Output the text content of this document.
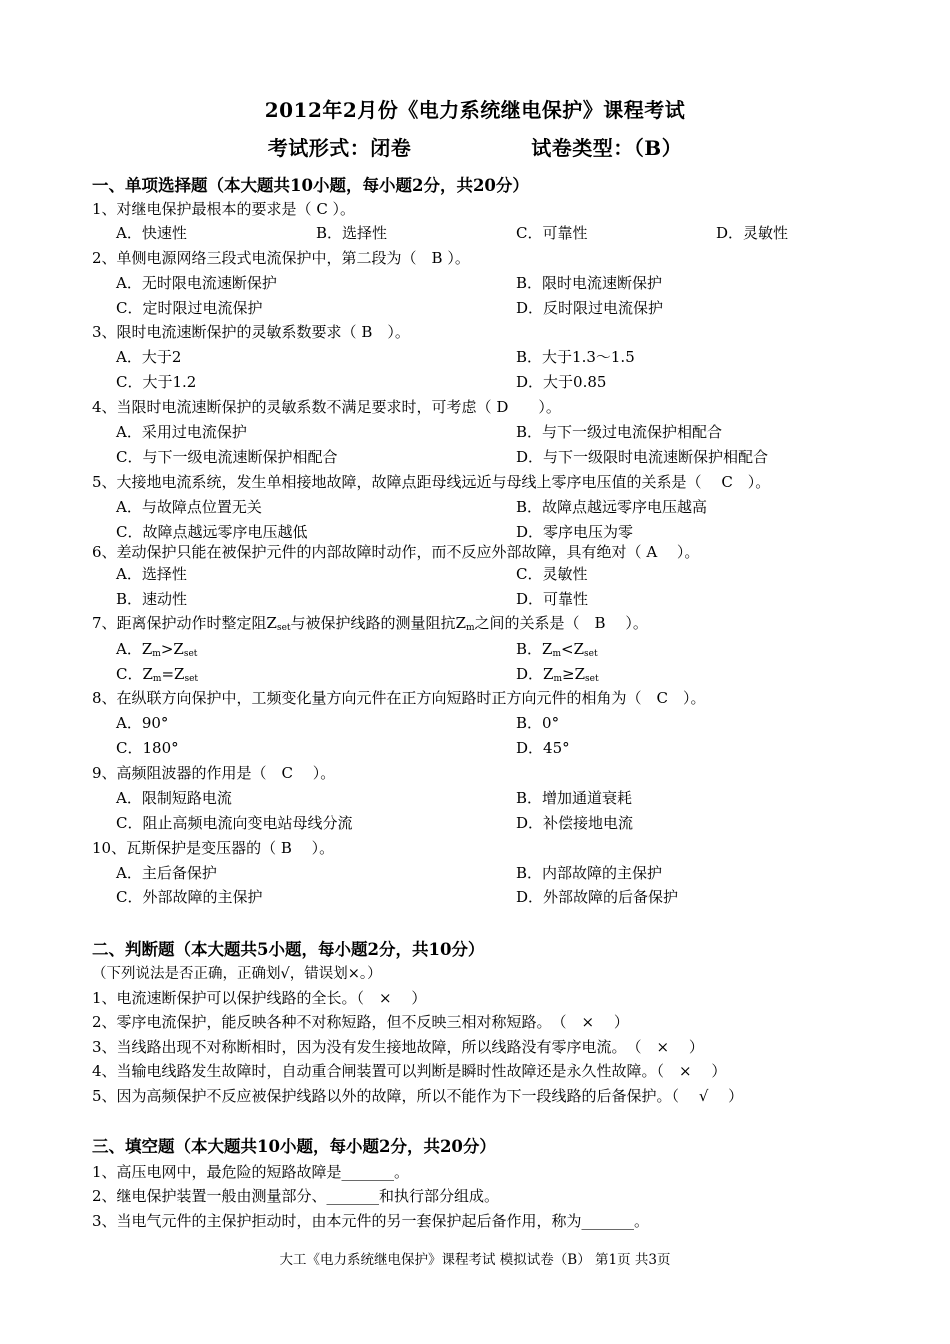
2012年2月份《电力系统继电保护》课程考试
考试形式：闭卷	试卷类型：（B）
一、单项选择题（本大题共10小题，每小题2分，共20分）
1、对继电保护最根本的要求是（ C ）。
A．快速性	B．选择性	C．可靠性	D．灵敏性
2、单侧电源网络三段式电流保护中，第二段为（　B ）。
A．无时限电流速断保护	B．限时电流速断保护
C．定时限过电流保护	D．反时限过电流保护
3、限时电流速断保护的灵敏系数要求（ B　）。
A．大于2	B．大于1.3～1.5
C．大于1.2	D．大于0.85
4、当限时电流速断保护的灵敏系数不满足要求时，可考虑（ D　　）。
A．采用过电流保护	B．与下一级过电流保护相配合
C．与下一级电流速断保护相配合	D．与下一级限时电流速断保护相配合
5、大接地电流系统，发生单相接地故障，故障点距母线远近与母线上零序电压值的关系是（　 C　）。
A．与故障点位置无关	B．故障点越远零序电压越高
C．故障点越远零序电压越低	D．零序电压为零
6、差动保护只能在被保护元件的内部故障时动作，而不反应外部故障，具有绝对（ A　 ）。
A．选择性	C．灵敏性
B．速动性	D．可靠性
7、距离保护动作时整定阻$Z_{set}$与被保护线路的测量阻抗$Z_m$之间的关系是（　B　 ）。
A．$Z_m>Z_{set}$	B．$Z_m<Z_{set}$
C．$Z_m=Z_{set}$	D．$Z_m\ge Z_{set}$
8、在纵联方向保护中，工频变化量方向元件在正方向短路时正方向元件的相角为（　C　）。
A．90°	B．0°
C．180°	D．45°
9、高频阻波器的作用是（　C　 ）。
A．限制短路电流	B．增加通道衰耗
C．阻止高频电流向变电站母线分流	D．补偿接地电流
10、瓦斯保护是变压器的（ B　 ）。
A．主后备保护	B．内部故障的主保护
C．外部故障的主保护	D．外部故障的后备保护
二、判断题（本大题共5小题，每小题2分，共10分）
（下列说法是否正确，正确划√，错误划×。）
1、电流速断保护可以保护线路的全长。（　×　 ）
2、零序电流保护，能反映各种不对称短路，但不反映三相对称短路。　（　×　 ）
3、当线路出现不对称断相时，因为没有发生接地故障，所以线路没有零序电流。　（　×　 ）
4、当输电线路发生故障时，自动重合闸装置可以判断是瞬时性故障还是永久性故障。（　×　 ）
5、因为高频保护不反应被保护线路以外的故障，所以不能作为下一段线路的后备保护。（　 √　 ）
三、填空题（本大题共10小题，每小题2分，共20分）
1、高压电网中，最危险的短路故障是_______。
2、继电保护装置一般由测量部分、_______和执行部分组成。
3、当电气元件的主保护拒动时，由本元件的另一套保护起后备作用，称为_______。
大工《电力系统继电保护》课程考试 模拟试卷（B） 第1页 共3页
